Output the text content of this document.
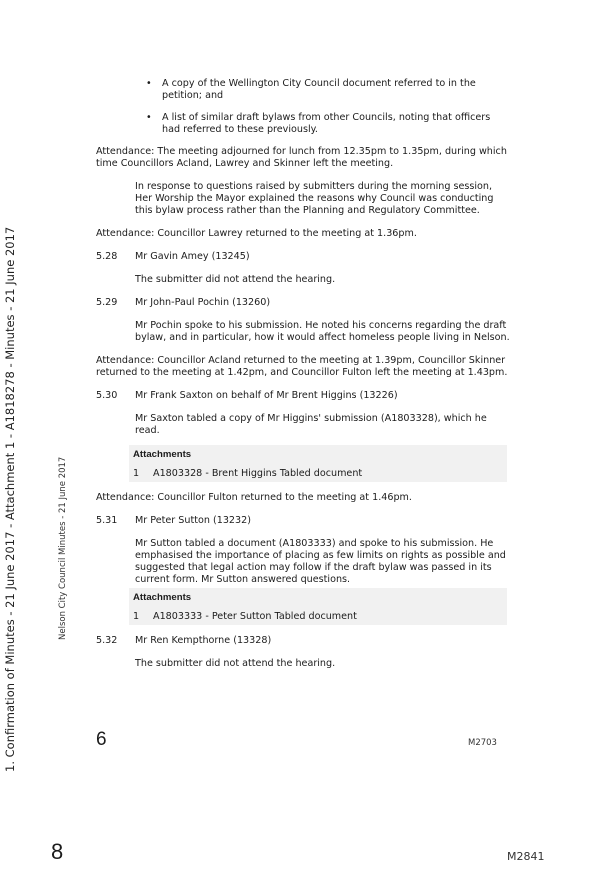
1. Confirmation of Minutes - 21 June 2017 - Attachment 1 - A1818278 - Minutes - 21 June 2017	Nelson City Council Minutes - 21 June 2017
• A copy of the Wellington City Council document referred to in the petition; and
• A list of similar draft bylaws from other Councils, noting that officers had referred to these previously.

Attendance: The meeting adjourned for lunch from 12.35pm to 1.35pm, during which time Councillors Acland, Lawrey and Skinner left the meeting.

In response to questions raised by submitters during the morning session, Her Worship the Mayor explained the reasons why Council was conducting this bylaw process rather than the Planning and Regulatory Committee.

Attendance: Councillor Lawrey returned to the meeting at 1.36pm.

5.28	Mr Gavin Amey (13245)

The submitter did not attend the hearing.

5.29	Mr John-Paul Pochin (13260)

Mr Pochin spoke to his submission. He noted his concerns regarding the draft bylaw, and in particular, how it would affect homeless people living in Nelson.

Attendance: Councillor Acland returned to the meeting at 1.39pm, Councillor Skinner returned to the meeting at 1.42pm, and Councillor Fulton left the meeting at 1.43pm.

5.30	Mr Frank Saxton on behalf of Mr Brent Higgins (13226)

Mr Saxton tabled a copy of Mr Higgins' submission (A1803328), which he read.

Attachments
1	A1803328 - Brent Higgins Tabled document

Attendance: Councillor Fulton returned to the meeting at 1.46pm.

5.31	Mr Peter Sutton (13232)

Mr Sutton tabled a document (A1803333) and spoke to his submission. He emphasised the importance of placing as few limits on rights as possible and suggested that legal action may follow if the draft bylaw was passed in its current form. Mr Sutton answered questions.

Attachments
1	A1803333 - Peter Sutton Tabled document
5.32	Mr Ren Kempthorne (13328)

The submitter did not attend the hearing.

6	M2703
8	M2841
